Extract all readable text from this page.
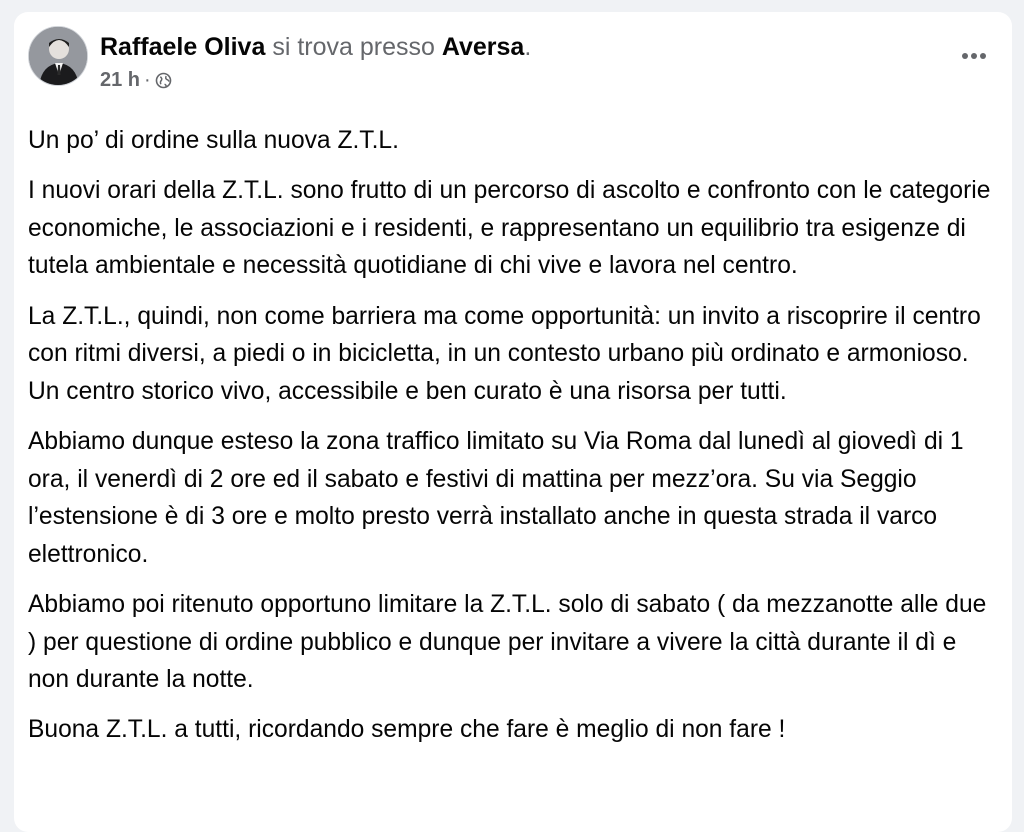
Raffaele Oliva si trova presso Aversa.
21 h ·

Un po’ di ordine sulla nuova Z.T.L.

I nuovi orari della Z.T.L. sono frutto di un percorso di ascolto e confronto con le categorie economiche, le associazioni e i residenti, e rappresentano un equilibrio tra esigenze di tutela ambientale e necessità quotidiane di chi vive e lavora nel centro.

La Z.T.L., quindi, non come barriera ma come opportunità: un invito a riscoprire il centro con ritmi diversi, a piedi o in bicicletta, in un contesto urbano più ordinato e armonioso.
Un centro storico vivo, accessibile e ben curato è una risorsa per tutti.

Abbiamo dunque esteso la zona traffico limitato su Via Roma dal lunedì al giovedì di 1 ora, il venerdì di 2 ore ed il sabato e festivi di mattina per mezz’ora. Su via Seggio l’estensione è di 3 ore e molto presto verrà installato anche in questa strada il varco elettronico.

Abbiamo poi ritenuto opportuno limitare la Z.T.L. solo di sabato ( da mezzanotte alle due ) per questione di ordine pubblico e dunque per invitare a vivere la città durante il dì e non durante la notte.

Buona Z.T.L. a tutti, ricordando sempre che fare è meglio di non fare !
